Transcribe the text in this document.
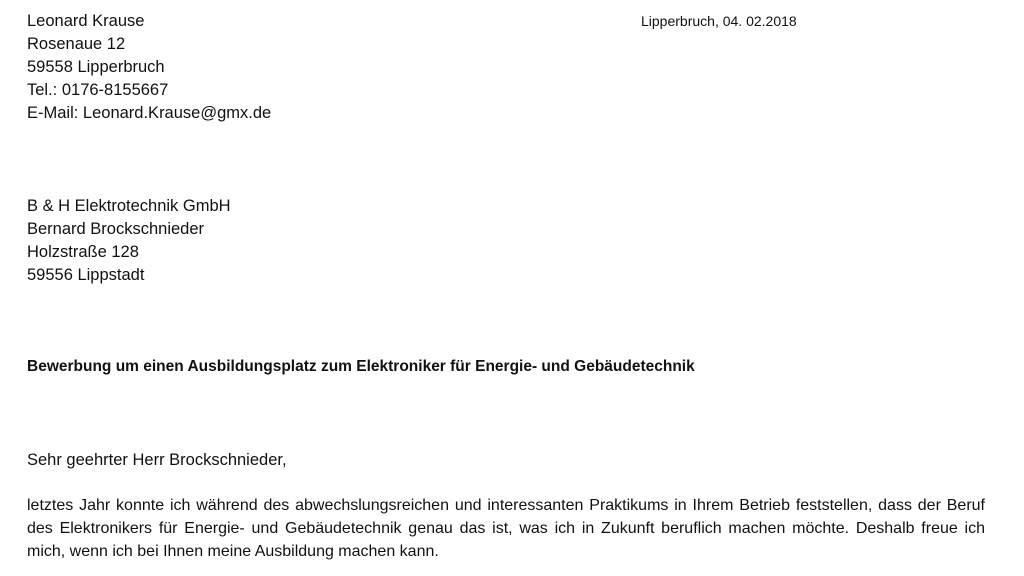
Leonard Krause
Rosenaue 12
59558 Lipperbruch
Tel.: 0176-8155667
E-Mail: Leonard.Krause@gmx.de
Lipperbruch, 04. 02.2018
B & H Elektrotechnik GmbH
Bernard Brockschnieder
Holzstraße 128
59556 Lippstadt
Bewerbung um einen Ausbildungsplatz zum Elektroniker für Energie- und Gebäudetechnik
Sehr geehrter Herr Brockschnieder,
letztes Jahr konnte ich während des abwechslungsreichen und interessanten Praktikums in Ihrem Betrieb feststellen, dass der Beruf des Elektronikers für Energie- und Gebäudetechnik genau das ist, was ich in Zukunft beruflich machen möchte. Deshalb freue ich mich, wenn ich bei Ihnen meine Ausbildung machen kann.
